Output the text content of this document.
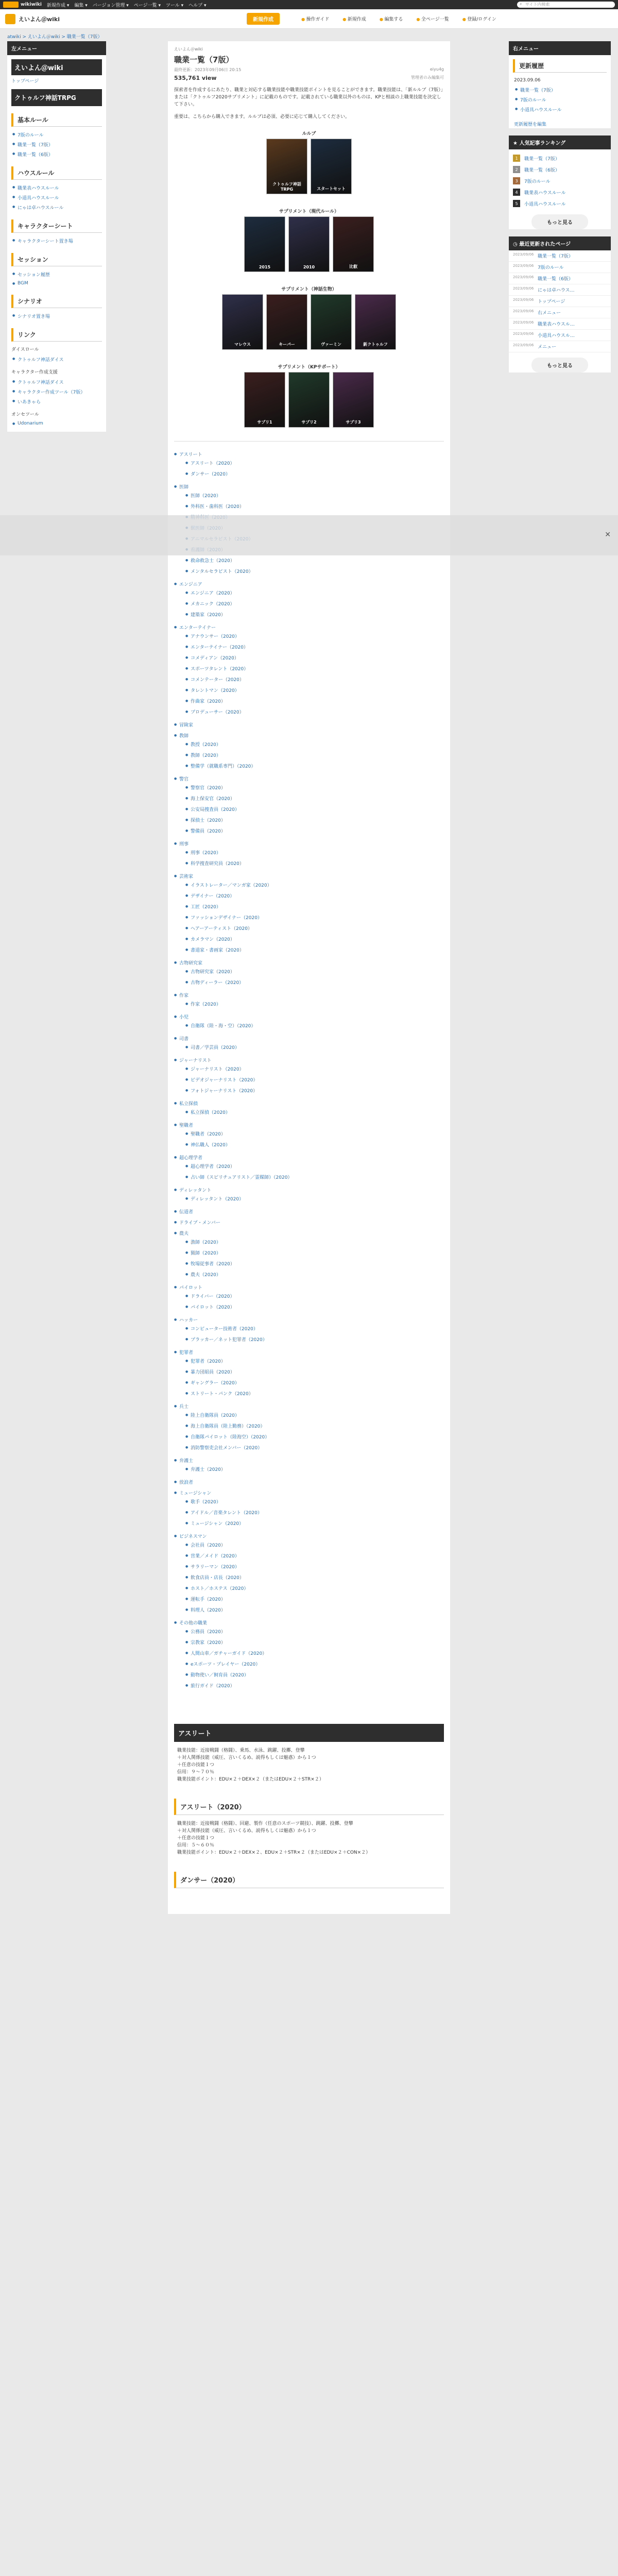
wikiwiki 新規作成 ▾ 編集 ▾ バージョン管理 ▾ ページ一覧 ▾ ツール ▾ ヘルプ ▾	⌕ サイト内検索
えいよん＠wiki	新規作成	● 操作ガイド	● 新規作成	● 編集する	● 全ページ一覧	● 登録/ログイン
atwiki > えいよん＠wiki > 職業一覧（7版）
左メニュー
えいよん＠wiki
トップページ
クトゥルフ神話TRPG
基本ルール
● 7版のルール
● 職業一覧（7版）
● 職業一覧（6版）
ハウスルール
● 職業表ハウスルール
● 小道具ハウスルール
● にゃは卓ハウスルール
キャラクターシート
● キャラクターシート置き場
セッション
● セッション履歴
● BGM
シナリオ
● シナリオ置き場
リンク
ダイスロール
● クトゥルフ神話ダイス
キャラクター作成支援
● クトゥルフ神話ダイス
● キャラクター作成ツール（7版）
● いあきゃら
オンセツール
● Udonarium
えいよん＠wiki
職業一覧（7版）
最終更新：2023年09月06日 20:15	eiyu4g
535,761 view	管理者のみ編集可

探索者を作成するにあたり、職業と対応する職業技能や職業技能ポイントを見ることができます。職業技能は、「新ルルブ（7版）」または「クトゥルフ2020サプリメント」に記載のものです。記載されている職業以外のものは、KPと相談の上職業技能を決定して下さい。

重要は、こちらから購入できます。ルルブは必須、必要に応じて購入してください。

ルルブ
クトゥルフ神話TRPG	スタートセット
サプリメント（現代ルール）
2015	2010	比叡
サプリメント（神話生物）
マレウス	キーパー	ヴァーミン	新クトゥルフ
サプリメント（KPサポート）
サプリ1	サプリ2	サプリ3
● アスリート
● アスリート（2020）
● ダンサー（2020）
● 医師
● 医師（2020）
● 外科医・歯科医（2020）
●
●
●
●
● 救命救急士（2020）
● メンタルセラピスト（2020）
● エンジニア
● エンジニア（2020）
● メカニック（2020）
● 建築家（2020）
● エンターテイナー
● アナウンサー（2020）
● エンターテイナー（2020）
● コメディアン（2020）
● スポーツタレント（2020）
● コメンテーター（2020）
● タレントマン（2020）
● 作曲家（2020）
● プロデューサー（2020）
● 冒険家
● 教師
● 教授（2020）
● 教師（2020）
● 整備学（就職系専門）（2020）
● 警官
● 警察官（2020）
● 海上保安官（2020）
● 公安局捜査員（2020）
● 探偵士（2020）
● 警備員（2020）
● 刑事
● 刑事（2020）
● 科学捜査研究員（2020）
● 芸術家
● イラストレーター／マンガ家（2020）
● デザイナー（2020）
● 工匠（2020）
● ファッションデザイナー（2020）
● ヘアーアーティスト（2020）
● カメラマン（2020）
● 書道家・書画家（2020）
● 古物研究家
● 古物研究家（2020）
● 古物ディーラー（2020）
● 作家
● 作家（2020）
● 小児
● 自衛隊（陸・海・空）（2020）
● 司書
● 司書／学芸員（2020）
● ジャーナリスト
● ジャーナリスト（2020）
● ビデオジャーナリスト（2020）
● フォトジャーナリスト（2020）
● 私立探偵
● 私立探偵（2020）
● 聖職者
● 聖職者（2020）
● 神仏職人（2020）
● 超心理学者
● 超心理学者（2020）
● 占い師（スピリチュアリスト／霊媒師）（2020）
● ディレッタント
● ディレッタント（2020）
● 伝道者
● ドライブ・メンバー
● 農夫
● 漁師（2020）
● 猟師（2020）
● 牧場従事者（2020）
● 農夫（2020）
● パイロット
● ドライバー（2020）
● パイロット（2020）
● ハッカー
● コンピューター技術者（2020）
● プラッカー／ネット犯罪者（2020）
● 犯罪者
● 犯罪者（2020）
● 暴力団組員（2020）
● ギャングラー（2020）
● ストリート・パンク（2020）
● 兵士
● 陸上自衛隊員（2020）
● 海上自衛隊員（陸上勤務）（2020）
● 自衛隊パイロット（陸海空）（2020）
● 消防警察吏会社メンバー（2020）
● 弁護士
● 弁護士（2020）
● 放浪者
● ミュージシャン
● 歌手（2020）
● アイドル／音楽タレント（2020）
● ミュージシャン（2020）
● ビジネスマン
● 会社員（2020）
● 営業／メイド（2020）
● サラリーマン（2020）
● 飲食店員・店長（2020）
● ホスト／ホステス（2020）
● 運転手（2020）
● 料理人（2020）
● その他の職業
● 公務員（2020）
● 宗教家（2020）
● 人間山車／ガチャーガイド（2020）
● eスポーツ・プレイヤー（2020）
● 動物使い／飼育員（2020）
● 旅行ガイド（2020）
アスリート
職業技能：近接戦闘（格闘）、乗馬、水泳、跳躍、投擲、登攀
＋対人関係技能（威圧、言いくるめ、説得もしくは魅惑）から１つ
＋任意の技能１つ
信用：９～７０％
職業技能ポイント：EDU×２＋DEX×２（またはEDU×２＋STR×２）
アスリート（2020）
職業技能：近接戦闘（格闘）、回避、製作（任意のスポーツ競技）、跳躍、投擲、登攀
＋対人関係技能（威圧、言いくるめ、説得もしくは魅惑）から１つ
＋任意の技能１つ
信用：５～６０％
職業技能ポイント：EDU×２＋DEX×２、EDU×２＋STR×２（またはEDU×２＋CON×２）
ダンサー（2020）
右メニュー
更新履歴
2023.09.06
● 職業一覧（7版）
● 7版のルール
● 小道具ハウスルール
更新履歴を編集
★ 人気記事ランキング
1	職業一覧（7版）
2	職業一覧（6版）
3	7版のルール
4	職業表ハウスルール
5	小道具ハウスルール
もっと見る
◷ 最近更新されたページ
2023/09/06 職業一覧（7版）
2023/09/06 7版のルール
2023/09/06 職業一覧（6版）
2023/09/06 にゃは卓ハウス…
2023/09/06 トップページ
2023/09/06 右メニュー
2023/09/06 職業表ハウスル…
2023/09/06 小道具ハウスル…
2023/09/06 メニュー
もっと見る
✕
